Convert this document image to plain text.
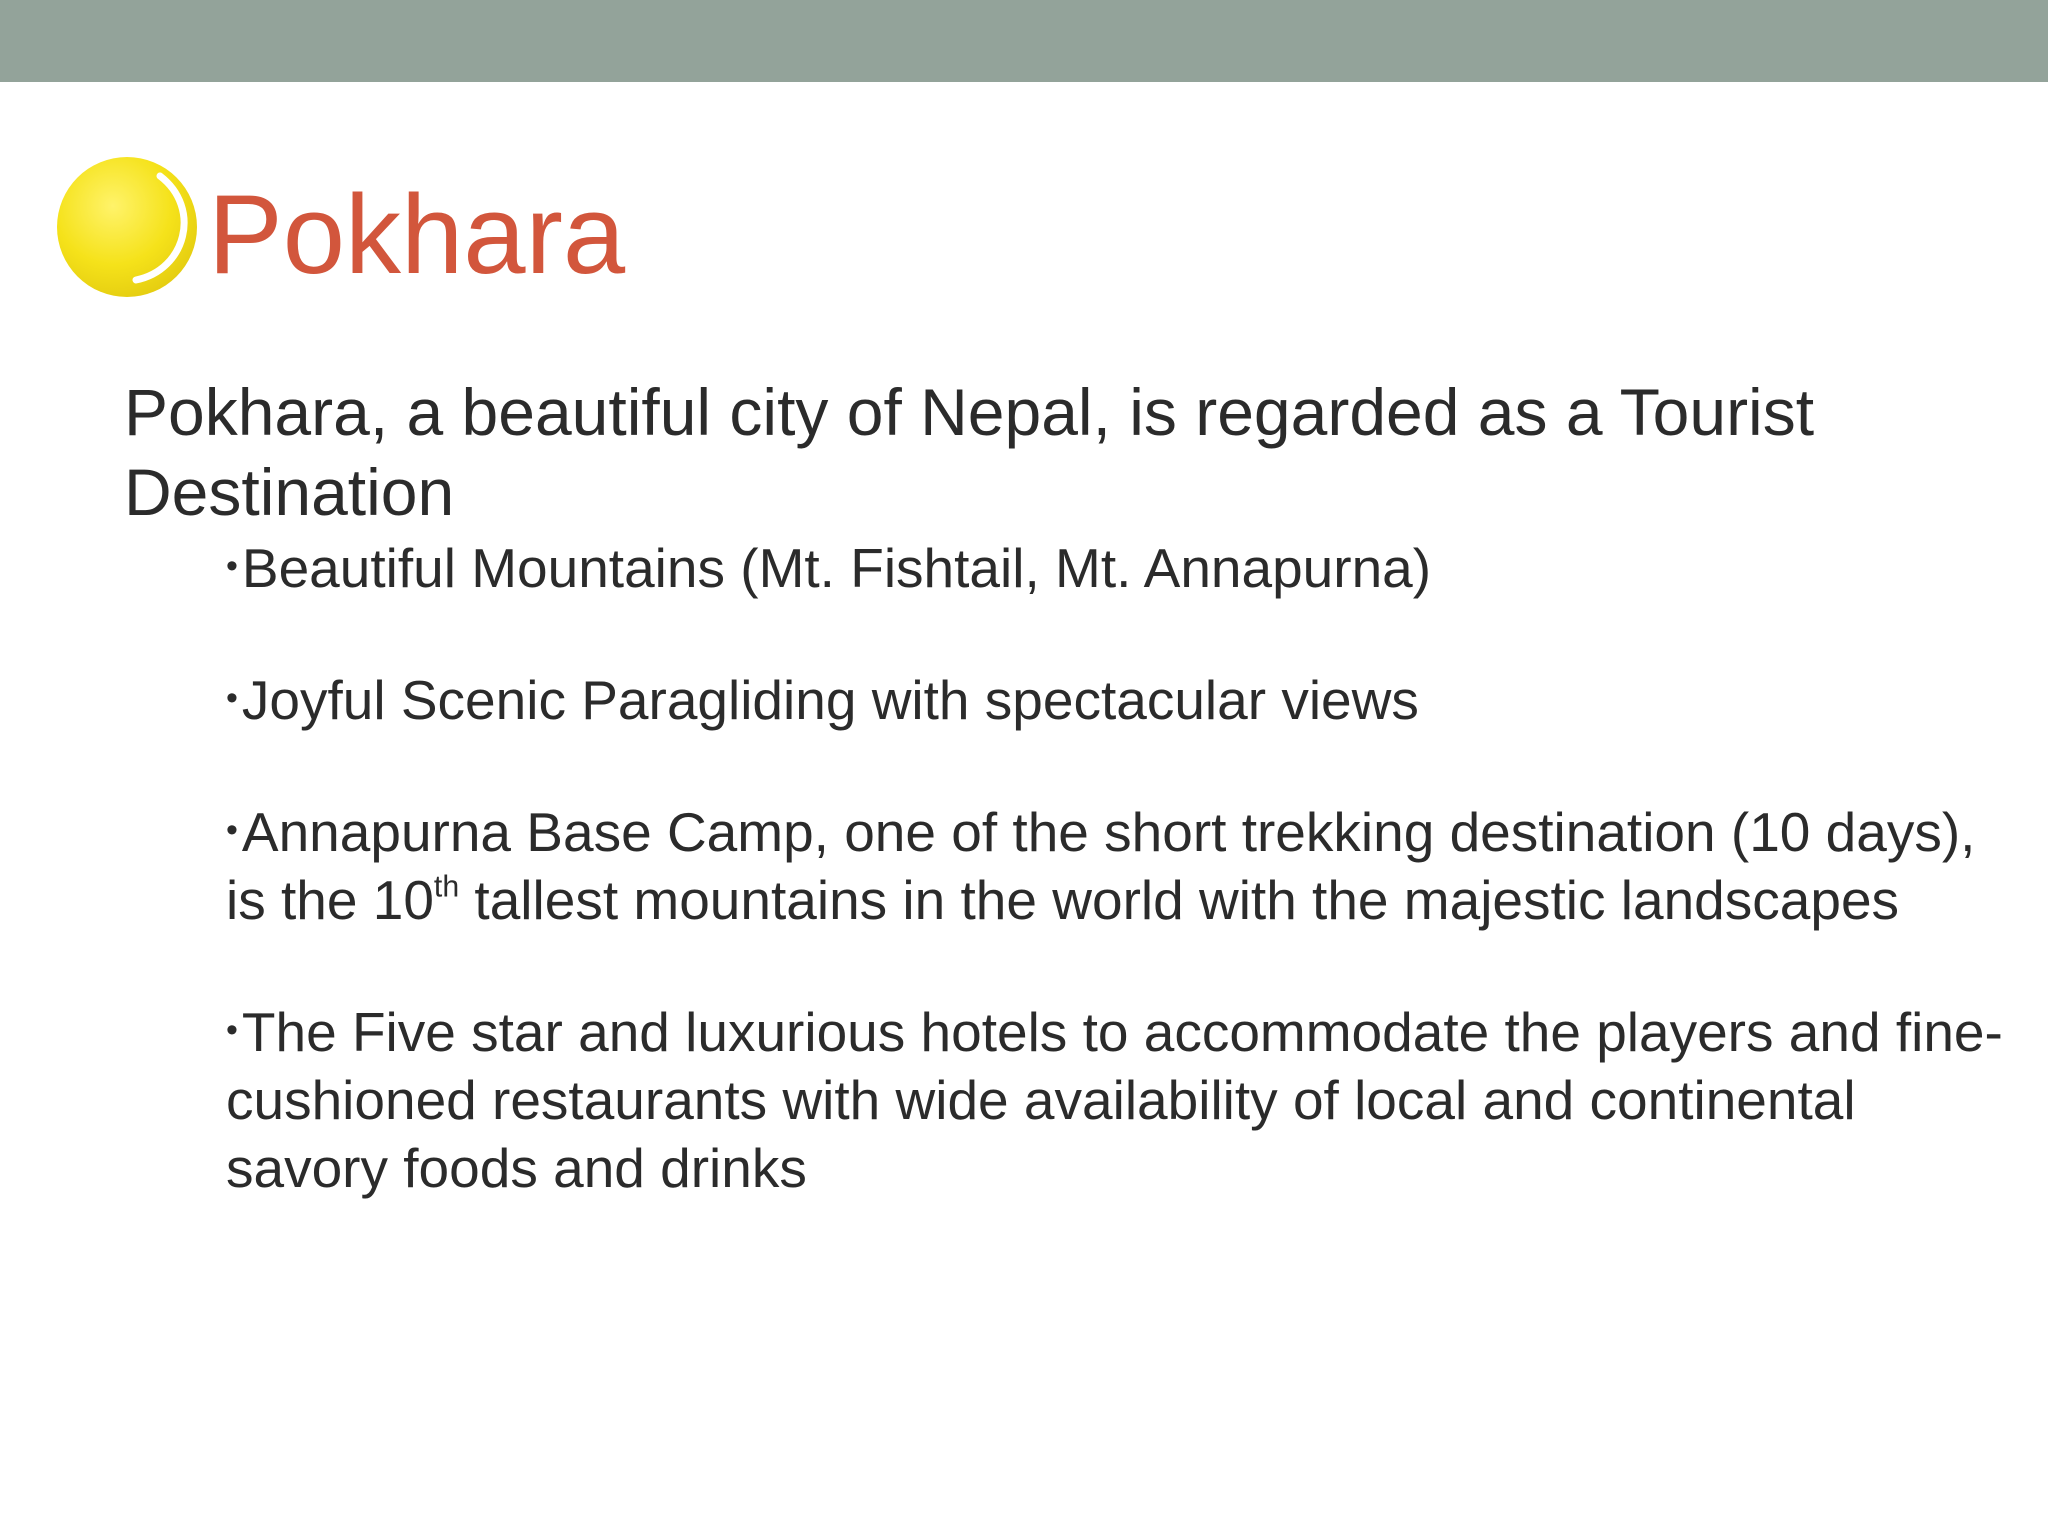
Pokhara

Pokhara, a beautiful city of Nepal, is regarded as a Tourist Destination

•Beautiful Mountains (Mt. Fishtail, Mt. Annapurna)
•Joyful Scenic Paragliding with spectacular views
•Annapurna Base Camp, one of the short trekking destination (10 days), is the 10th tallest mountains in the world with the majestic landscapes
•The Five star and luxurious hotels to accommodate the players and fine-cushioned restaurants with wide availability of local and continental savory foods and drinks
